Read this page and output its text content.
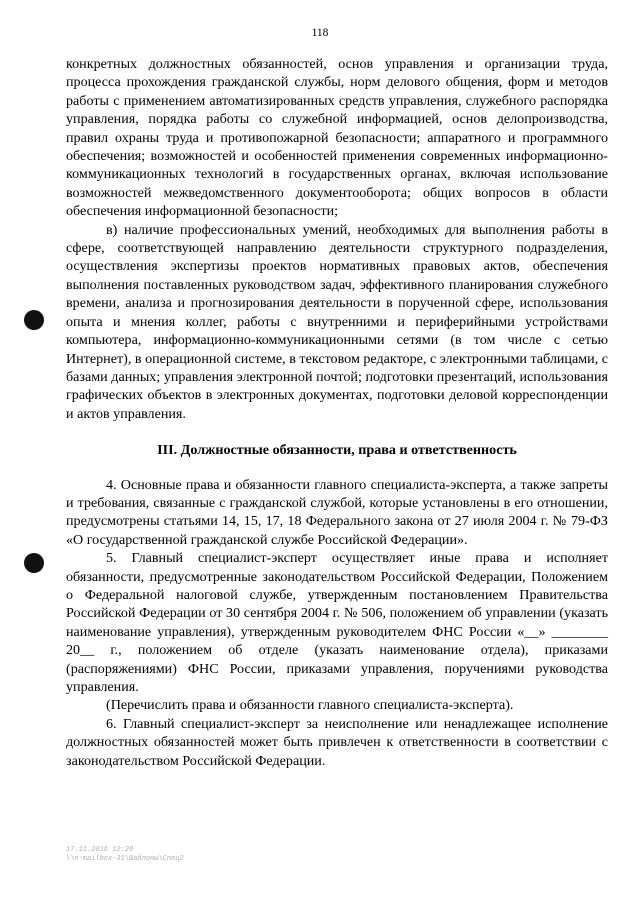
118

конкретных должностных обязанностей, основ управления и организации труда, процесса прохождения гражданской службы, норм делового общения, форм и методов работы с применением автоматизированных средств управления, служебного распорядка управления, порядка работы со служебной информацией, основ делопроизводства, правил охраны труда и противопожарной безопасности; аппаратного и программного обеспечения; возможностей и особенностей применения современных информационно-коммуникационных технологий в государственных органах, включая использование возможностей межведомственного документооборота; общих вопросов в области обеспечения информационной безопасности;

в) наличие профессиональных умений, необходимых для выполнения работы в сфере, соответствующей направлению деятельности структурного подразделения, осуществления экспертизы проектов нормативных правовых актов, обеспечения выполнения поставленных руководством задач, эффективного планирования служебного времени, анализа и прогнозирования деятельности в порученной сфере, использования опыта и мнения коллег, работы с внутренними и периферийными устройствами компьютера, информационно-коммуникационными сетями (в том числе с сетью Интернет), в операционной системе, в текстовом редакторе, с электронными таблицами, с базами данных; управления электронной почтой; подготовки презентаций, использования графических объектов в электронных документах, подготовки деловой корреспонденции и актов управления.

III. Должностные обязанности, права и ответственность

4. Основные права и обязанности главного специалиста-эксперта, а также запреты и требования, связанные с гражданской службой, которые установлены в его отношении, предусмотрены статьями 14, 15, 17, 18 Федерального закона от 27 июля 2004 г. № 79-ФЗ «О государственной гражданской службе Российской Федерации».

5. Главный специалист-эксперт осуществляет иные права и исполняет обязанности, предусмотренные законодательством Российской Федерации, Положением о Федеральной налоговой службе, утвержденным постановлением Правительства Российской Федерации от 30 сентября 2004 г. № 506, положением об управлении (указать наименование управления), утвержденным руководителем ФНС России «__» ________ 20__ г., положением об отделе (указать наименование отдела), приказами (распоряжениями) ФНС России, приказами управления, поручениями руководства управления.

(Перечислить права и обязанности главного специалиста-эксперта).

6. Главный специалист-эксперт за неисполнение или ненадлежащее исполнение должностных обязанностей может быть привлечен к ответственности в соответствии с законодательством Российской Федерации.

17.11.2016 12:20
\\n-mailbox-31\Шаблоны\Спец2
